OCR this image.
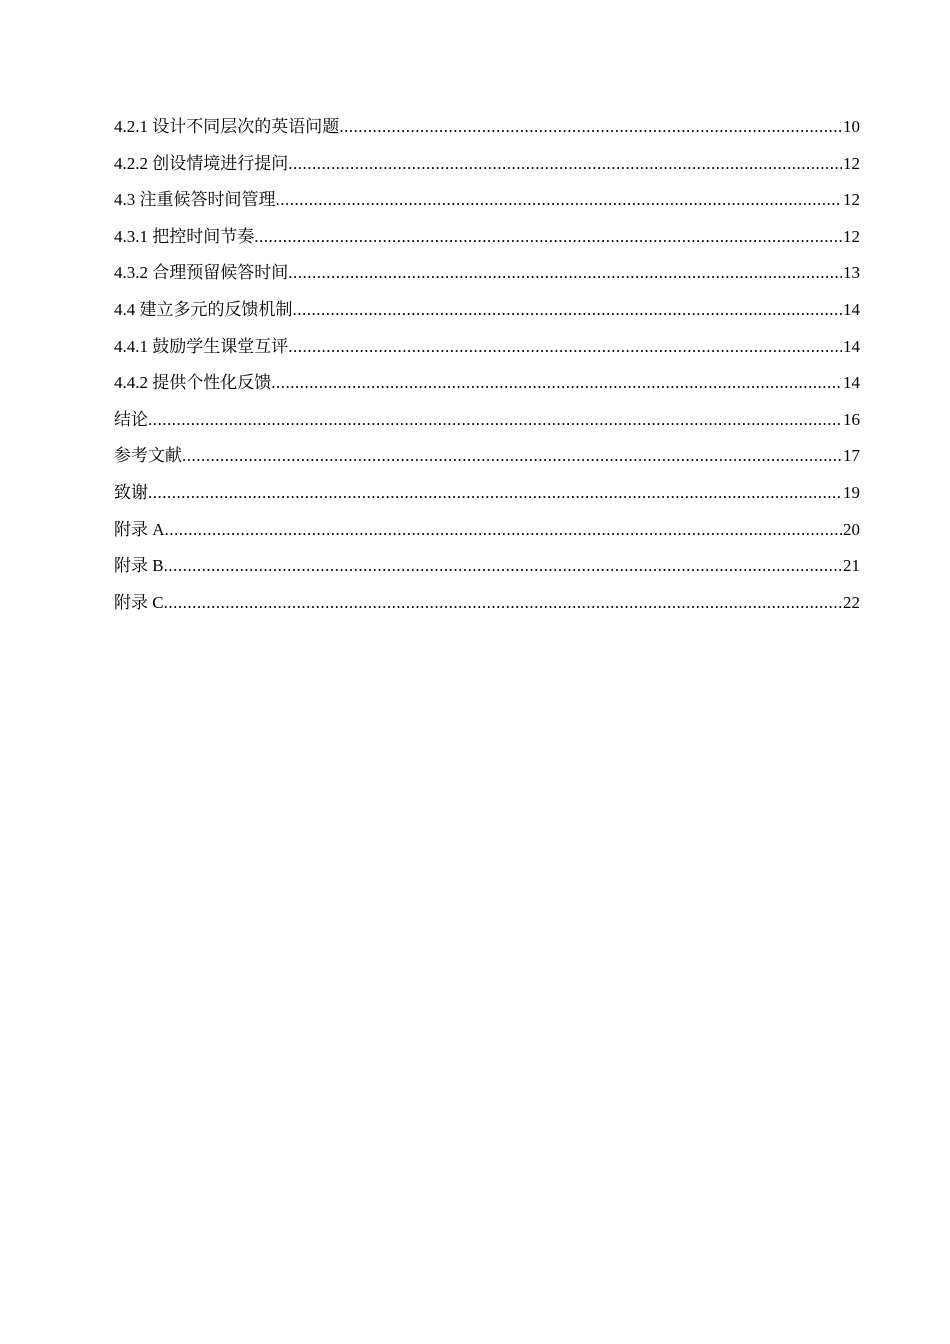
4.2.1 设计不同层次的英语问题 .....	10
4.2.2 创设情境进行提问 .....	12
4.3 注重候答时间管理 .....	12
4.3.1 把控时间节奏 .....	12
4.3.2 合理预留候答时间 .....	13
4.4 建立多元的反馈机制 .....	14
4.4.1 鼓励学生课堂互评 .....	14
4.4.2 提供个性化反馈 .....	14
结论 .....	16
参考文献 .....	17
致谢 .....	19
附录 A .....	20
附录 B .....	21
附录 C .....	22
